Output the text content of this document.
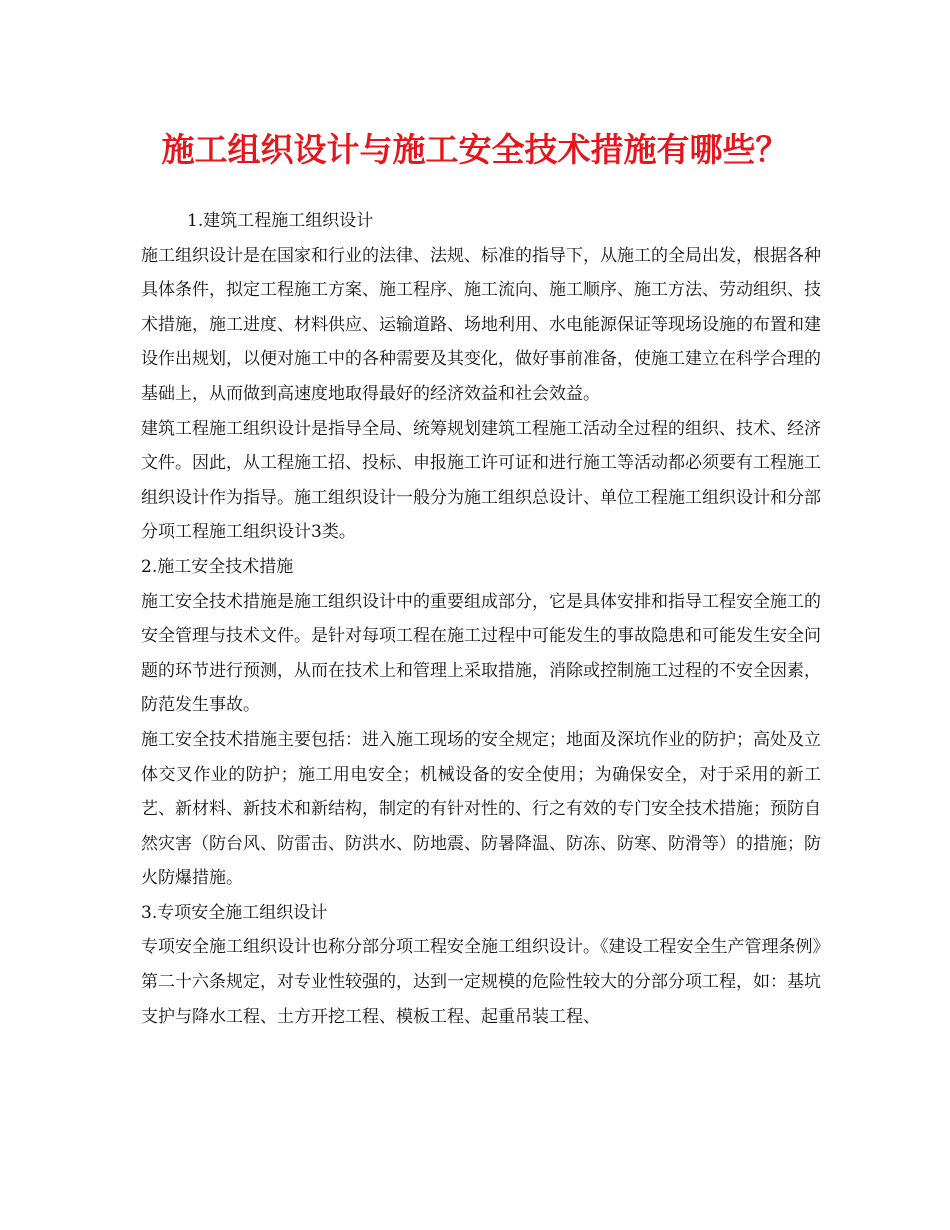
施工组织设计与施工安全技术措施有哪些？

1.建筑工程施工组织设计

施工组织设计是在国家和行业的法律、法规、标准的指导下，从施工的全局出发，根据各种具体条件，拟定工程施工方案、施工程序、施工流向、施工顺序、施工方法、劳动组织、技术措施，施工进度、材料供应、运输道路、场地利用、水电能源保证等现场设施的布置和建设作出规划，以便对施工中的各种需要及其变化，做好事前准备，使施工建立在科学合理的基础上，从而做到高速度地取得最好的经济效益和社会效益。

建筑工程施工组织设计是指导全局、统筹规划建筑工程施工活动全过程的组织、技术、经济文件。因此，从工程施工招、投标、申报施工许可证和进行施工等活动都必须要有工程施工组织设计作为指导。施工组织设计一般分为施工组织总设计、单位工程施工组织设计和分部分项工程施工组织设计3类。

2.施工安全技术措施

施工安全技术措施是施工组织设计中的重要组成部分，它是具体安排和指导工程安全施工的安全管理与技术文件。是针对每项工程在施工过程中可能发生的事故隐患和可能发生安全问题的环节进行预测，从而在技术上和管理上采取措施，消除或控制施工过程的不安全因素，防范发生事故。

施工安全技术措施主要包括：进入施工现场的安全规定；地面及深坑作业的防护；高处及立体交叉作业的防护；施工用电安全；机械设备的安全使用；为确保安全，对于采用的新工艺、新材料、新技术和新结构，制定的有针对性的、行之有效的专门安全技术措施；预防自然灾害（防台风、防雷击、防洪水、防地震、防暑降温、防冻、防寒、防滑等）的措施；防火防爆措施。

3.专项安全施工组织设计

专项安全施工组织设计也称分部分项工程安全施工组织设计。《建设工程安全生产管理条例》第二十六条规定，对专业性较强的，达到一定规模的危险性较大的分部分项工程，如：基坑支护与降水工程、土方开挖工程、模板工程、起重吊装工程、
